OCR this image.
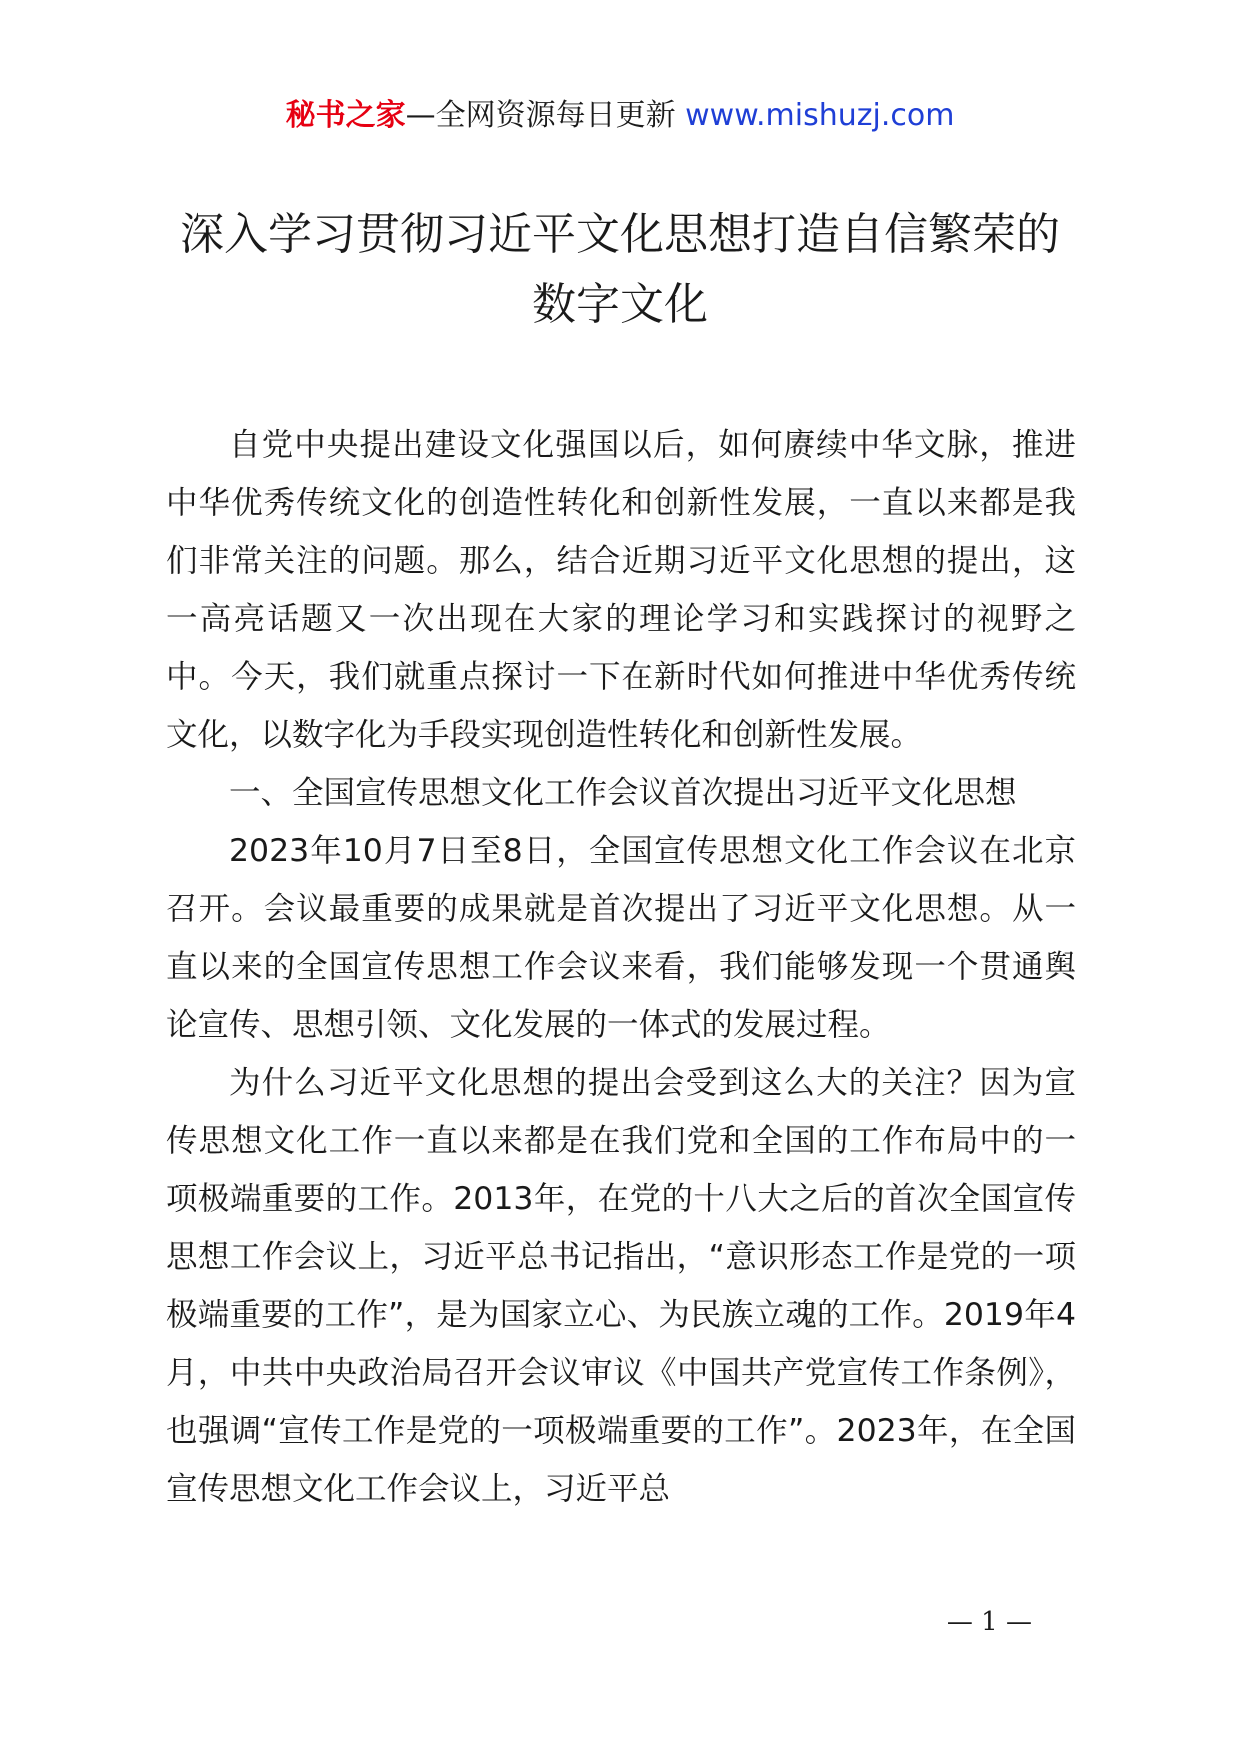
秘书之家—全网资源每日更新 www.mishuzj.com
深入学习贯彻习近平文化思想打造自信繁荣的
数字文化

自党中央提出建设文化强国以后，如何赓续中华文脉，推进中华优秀传统文化的创造性转化和创新性发展，一直以来都是我们非常关注的问题。那么，结合近期习近平文化思想的提出，这一高亮话题又一次出现在大家的理论学习和实践探讨的视野之中。今天，我们就重点探讨一下在新时代如何推进中华优秀传统文化，以数字化为手段实现创造性转化和创新性发展。

一、全国宣传思想文化工作会议首次提出习近平文化思想

2023年10月7日至8日，全国宣传思想文化工作会议在北京召开。会议最重要的成果就是首次提出了习近平文化思想。从一直以来的全国宣传思想工作会议来看，我们能够发现一个贯通舆论宣传、思想引领、文化发展的一体式的发展过程。

为什么习近平文化思想的提出会受到这么大的关注？因为宣传思想文化工作一直以来都是在我们党和全国的工作布局中的一项极端重要的工作。2013年，在党的十八大之后的首次全国宣传思想工作会议上，习近平总书记指出，“意识形态工作是党的一项极端重要的工作”，是为国家立心、为民族立魂的工作。2019年4月，中共中央政治局召开会议审议《中国共产党宣传工作条例》，也强调“宣传工作是党的一项极端重要的工作”。2023年，在全国宣传思想文化工作会议上，习近平总

— 1 —
